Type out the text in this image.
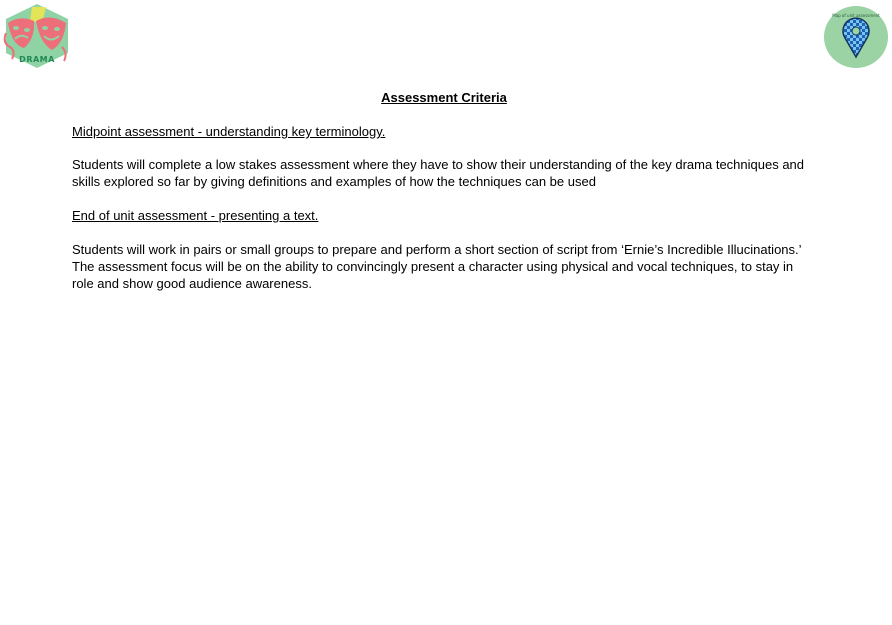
DRAMA
Map of unit assessment
Assessment Criteria
Midpoint assessment - understanding key terminology.

Students will complete a low stakes assessment where they have to show their understanding of the key drama techniques and skills explored so far by giving definitions and examples of how the techniques can be used

End of unit assessment - presenting a text.

Students will work in pairs or small groups to prepare and perform a short section of script from ‘Ernie’s Incredible Illucinations.’ The assessment focus will be on the ability to convincingly present a character using physical and vocal techniques, to stay in role and show good audience awareness.
